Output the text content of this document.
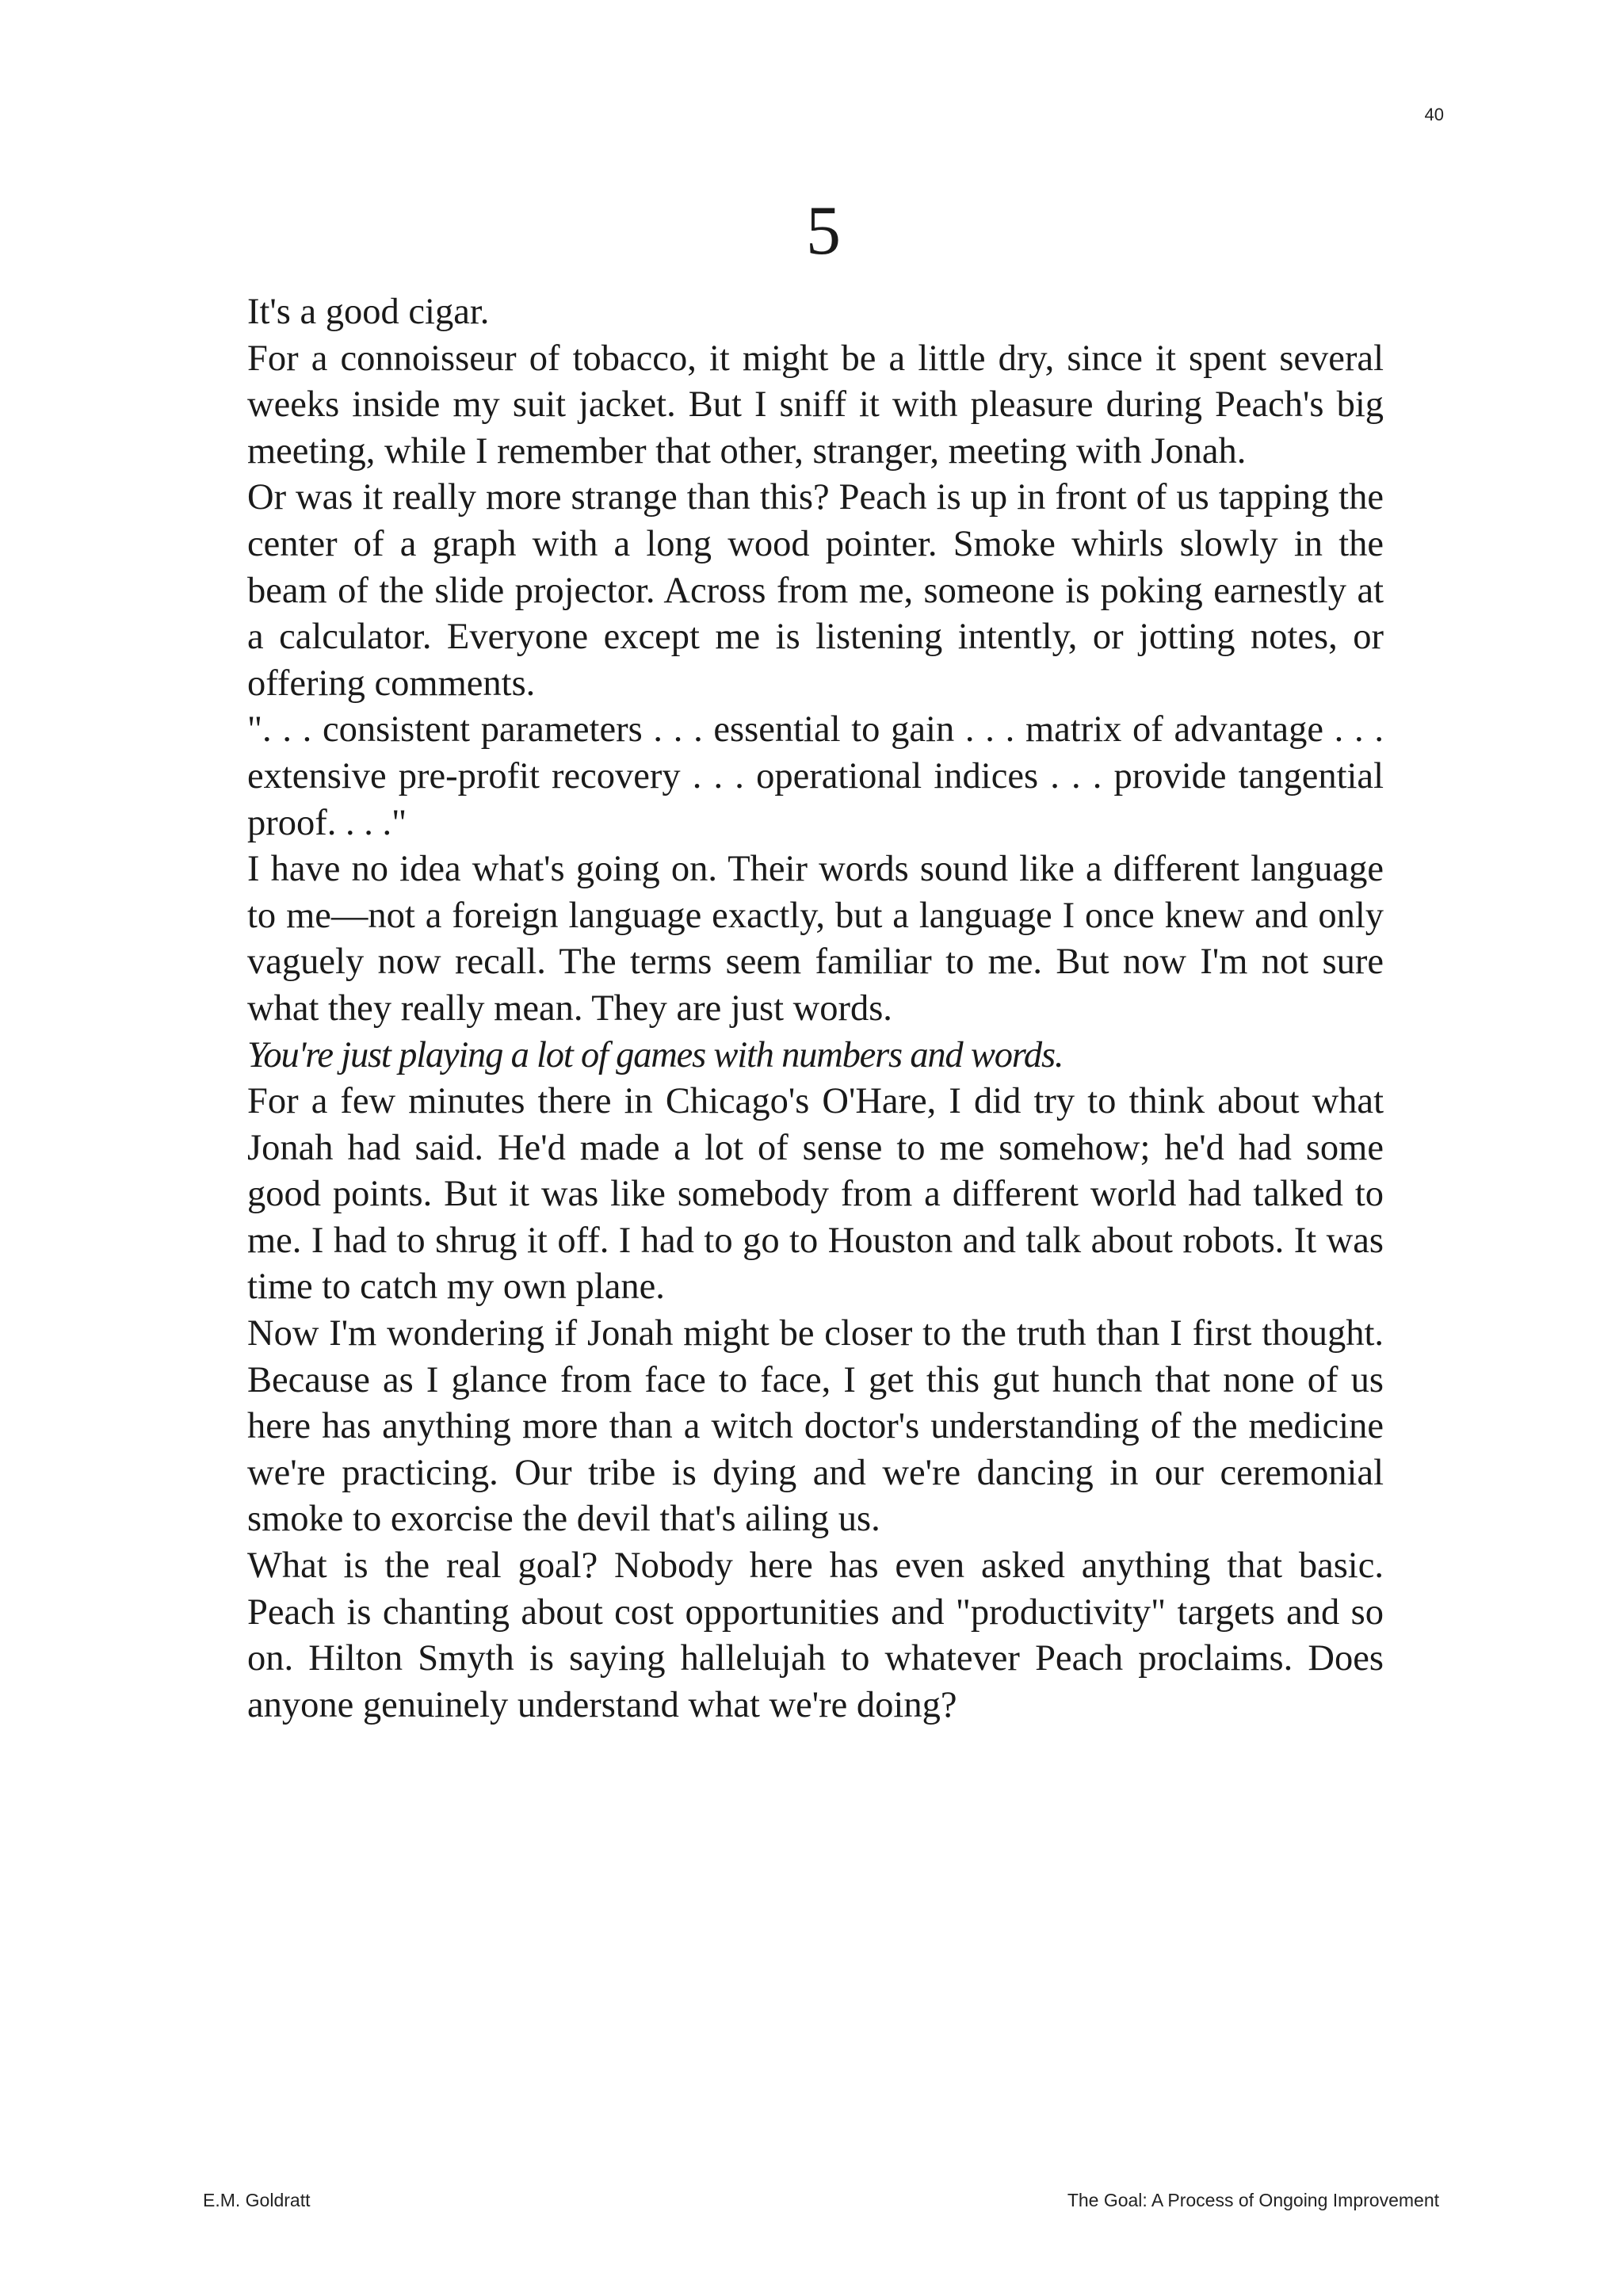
40
5

It's a good cigar.

For a connoisseur of tobacco, it might be a little dry, since it spent several weeks inside my suit jacket. But I sniff it with pleasure during Peach's big meeting, while I remember that other, stranger, meeting with Jonah.

Or was it really more strange than this? Peach is up in front of us tapping the center of a graph with a long wood pointer. Smoke whirls slowly in the beam of the slide projector. Across from me, someone is poking earnestly at a calculator. Everyone except me is listening intently, or jotting notes, or offering comments.

". . . consistent parameters . . . essential to gain . . . matrix of advantage . . . extensive pre-profit recovery . . . operational indices . . . provide tangential proof. . . ."

I have no idea what's going on. Their words sound like a different language to me—not a foreign language exactly, but a language I once knew and only vaguely now recall. The terms seem familiar to me. But now I'm not sure what they really mean. They are just words.

You're just playing a lot of games with numbers and words.

For a few minutes there in Chicago's O'Hare, I did try to think about what Jonah had said. He'd made a lot of sense to me somehow; he'd had some good points. But it was like somebody from a different world had talked to me. I had to shrug it off. I had to go to Houston and talk about robots. It was time to catch my own plane.

Now I'm wondering if Jonah might be closer to the truth than I first thought. Because as I glance from face to face, I get this gut hunch that none of us here has anything more than a witch doctor's understanding of the medicine we're practicing. Our tribe is dying and we're dancing in our ceremonial smoke to exorcise the devil that's ailing us.

What is the real goal? Nobody here has even asked anything that basic. Peach is chanting about cost opportunities and "productivity" targets and so on. Hilton Smyth is saying hallelujah to whatever Peach proclaims. Does anyone genuinely understand what we're doing?

E.M. Goldratt	The Goal: A Process of Ongoing Improvement
